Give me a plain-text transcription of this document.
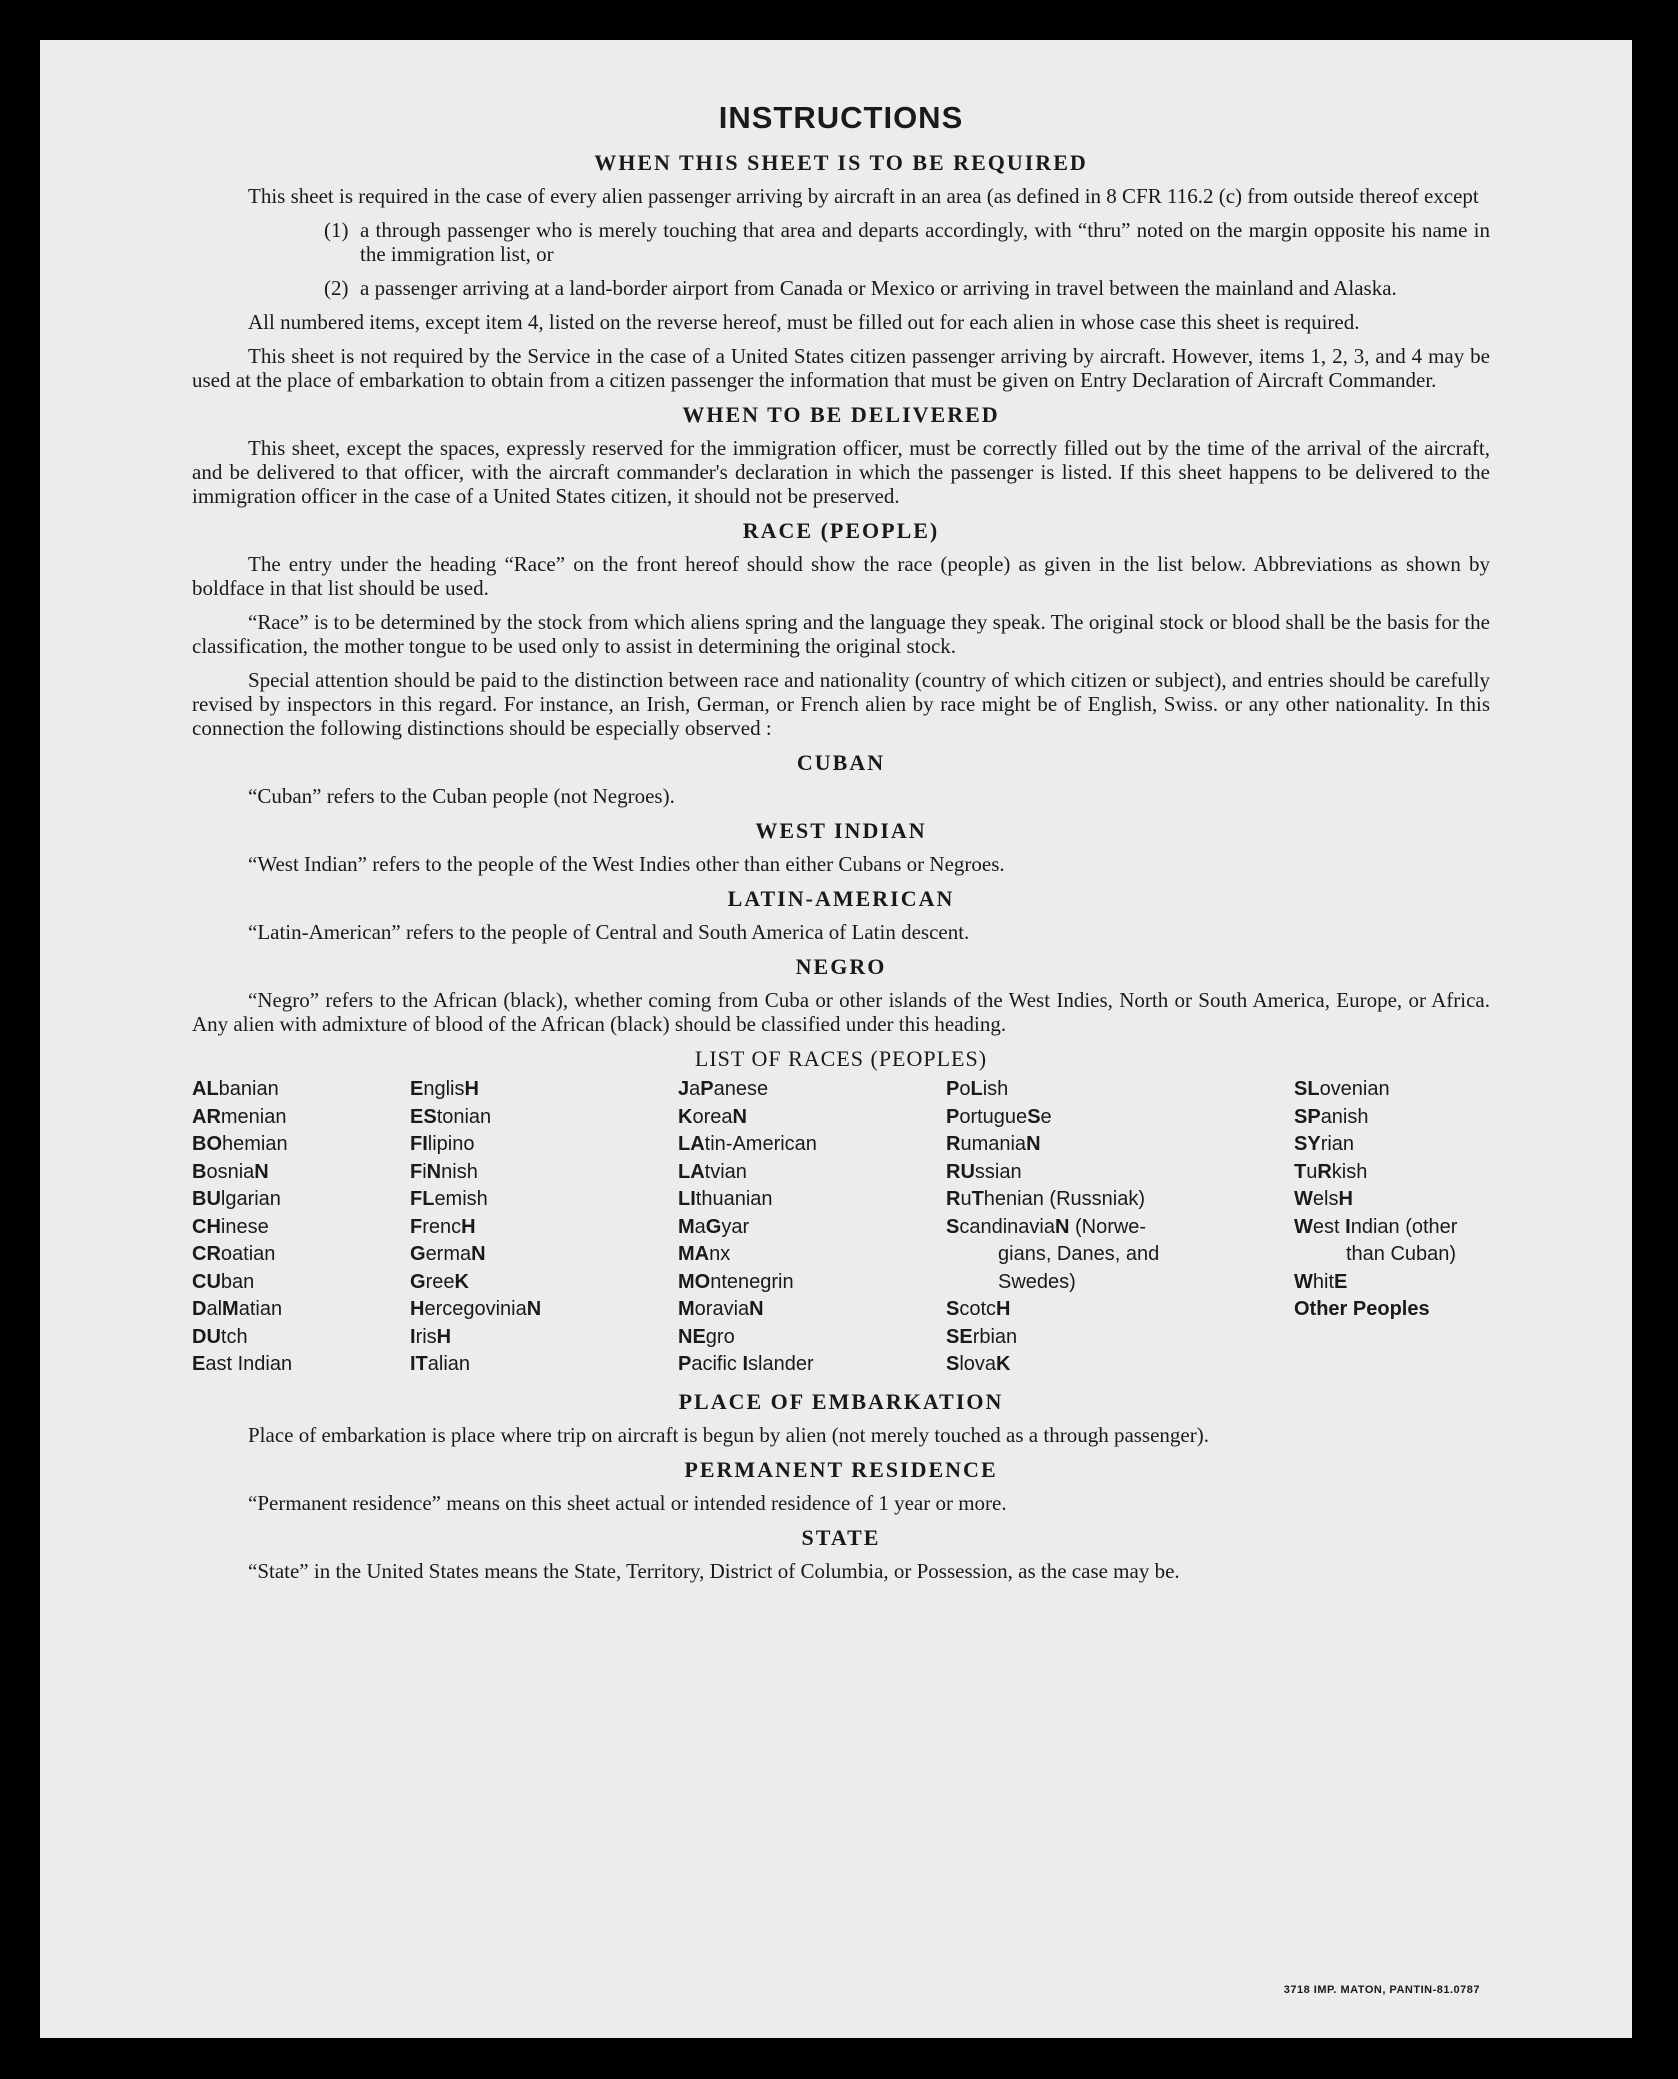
INSTRUCTIONS
WHEN THIS SHEET IS TO BE REQUIRED

This sheet is required in the case of every alien passenger arriving by aircraft in an area (as defined in 8 CFR 116.2 (c) from outside thereof except

(1) a through passenger who is merely touching that area and departs accordingly, with “thru” noted on the margin opposite his name in the immigration list, or

(2) a passenger arriving at a land-border airport from Canada or Mexico or arriving in travel between the mainland and Alaska.

All numbered items, except item 4, listed on the reverse hereof, must be filled out for each alien in whose case this sheet is required.

This sheet is not required by the Service in the case of a United States citizen passenger arriving by aircraft. However, items 1, 2, 3, and 4 may be used at the place of embarkation to obtain from a citizen passenger the information that must be given on Entry Declaration of Aircraft Commander.

WHEN TO BE DELIVERED

This sheet, except the spaces, expressly reserved for the immigration officer, must be correctly filled out by the time of the arrival of the aircraft, and be delivered to that officer, with the aircraft commander's declaration in which the passenger is listed. If this sheet happens to be delivered to the immigration officer in the case of a United States citizen, it should not be preserved.

RACE (PEOPLE)

The entry under the heading “Race” on the front hereof should show the race (people) as given in the list below. Abbreviations as shown by boldface in that list should be used.

“Race” is to be determined by the stock from which aliens spring and the language they speak. The original stock or blood shall be the basis for the classification, the mother tongue to be used only to assist in determining the original stock.

Special attention should be paid to the distinction between race and nationality (country of which citizen or subject), and entries should be carefully revised by inspectors in this regard. For instance, an Irish, German, or French alien by race might be of English, Swiss. or any other nationality. In this connection the following distinctions should be especially observed :

CUBAN

“Cuban” refers to the Cuban people (not Negroes).

WEST INDIAN

“West Indian” refers to the people of the West Indies other than either Cubans or Negroes.

LATIN-AMERICAN

“Latin-American” refers to the people of Central and South America of Latin descent.

NEGRO

“Negro” refers to the African (black), whether coming from Cuba or other islands of the West Indies, North or South America, Europe, or Africa. Any alien with admixture of blood of the African (black) should be classified under this heading.

LIST OF RACES (PEOPLES)
ALbanian
ARmenian
BOhemian
BosniaN
BUlgarian
CHinese
CRoatian
CUban
DalMatian
DUtch
East Indian
EnglisH
EStonian
FIlipino
FiNnish
FLemish
FrencH
GermaN
GreeK
HercegoviniaN
IrisH
ITalian
JaPanese
KoreaN
LAtin-American
LAtvian
LIthuanian
MaGyar
MAnx
MOntenegrin
MoraviaN
NEgro
Pacific Islander
PoLish
PortugueSe
RumaniaN
RUssian
RuThenian (Russniak)
ScandinaviaN (Norwe-
gians, Danes, and
Swedes)
ScotcH
SErbian
SlovaK
SLovenian
SPanish
SYrian
TuRkish
WelsH
West Indian (other
than Cuban)
WhitE
Other Peoples
PLACE OF EMBARKATION

Place of embarkation is place where trip on aircraft is begun by alien (not merely touched as a through passenger).

PERMANENT RESIDENCE

“Permanent residence” means on this sheet actual or intended residence of 1 year or more.

STATE

“State” in the United States means the State, Territory, District of Columbia, or Possession, as the case may be.

3718 IMP. MATON, PANTIN-81.0787
